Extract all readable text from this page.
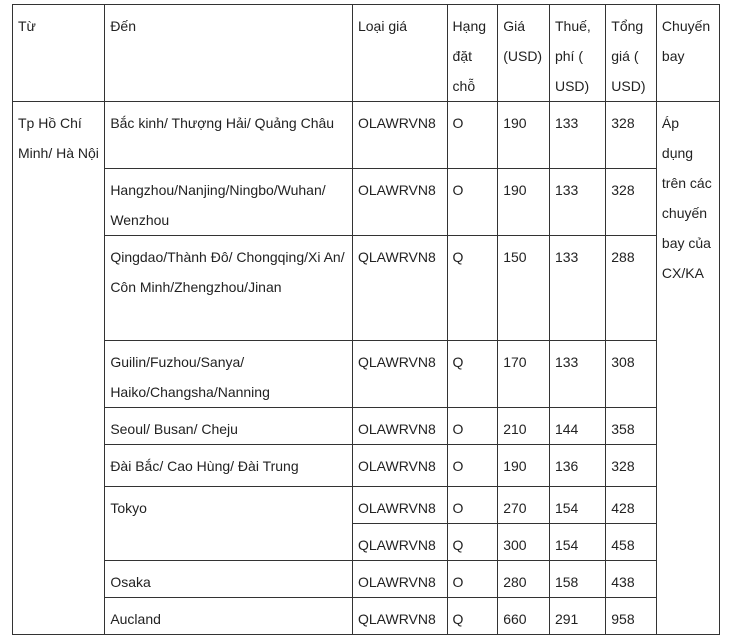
Từ	Đến	Loại giá	Hạng đặt chỗ	Giá (USD)	Thuế, phí ( USD)	Tổng giá ( USD)	Chuyến bay
Tp Hồ Chí Minh/ Hà Nội	Bắc kinh/ Thượng Hải/ Quảng Châu	OLAWRVN8	O	190	133	328	Áp dụng trên các chuyến bay của CX/KA
	Hangzhou/Nanjing/Ningbo/Wuhan/ Wenzhou	OLAWRVN8	O	190	133	328	
	Qingdao/Thành Đô/ Chongqing/Xi An/ Côn Minh/Zhengzhou/Jinan	QLAWRVN8	Q	150	133	288	
	Guilin/Fuzhou/Sanya/ Haiko/Changsha/Nanning	QLAWRVN8	Q	170	133	308	
	Seoul/ Busan/ Cheju	OLAWRVN8	O	210	144	358	
	Đài Bắc/ Cao Hùng/ Đài Trung	OLAWRVN8	O	190	136	328	
	Tokyo	OLAWRVN8	O	270	154	428	
		QLAWRVN8	Q	300	154	458	
	Osaka	OLAWRVN8	O	280	158	438	
	Aucland	QLAWRVN8	Q	660	291	958	
